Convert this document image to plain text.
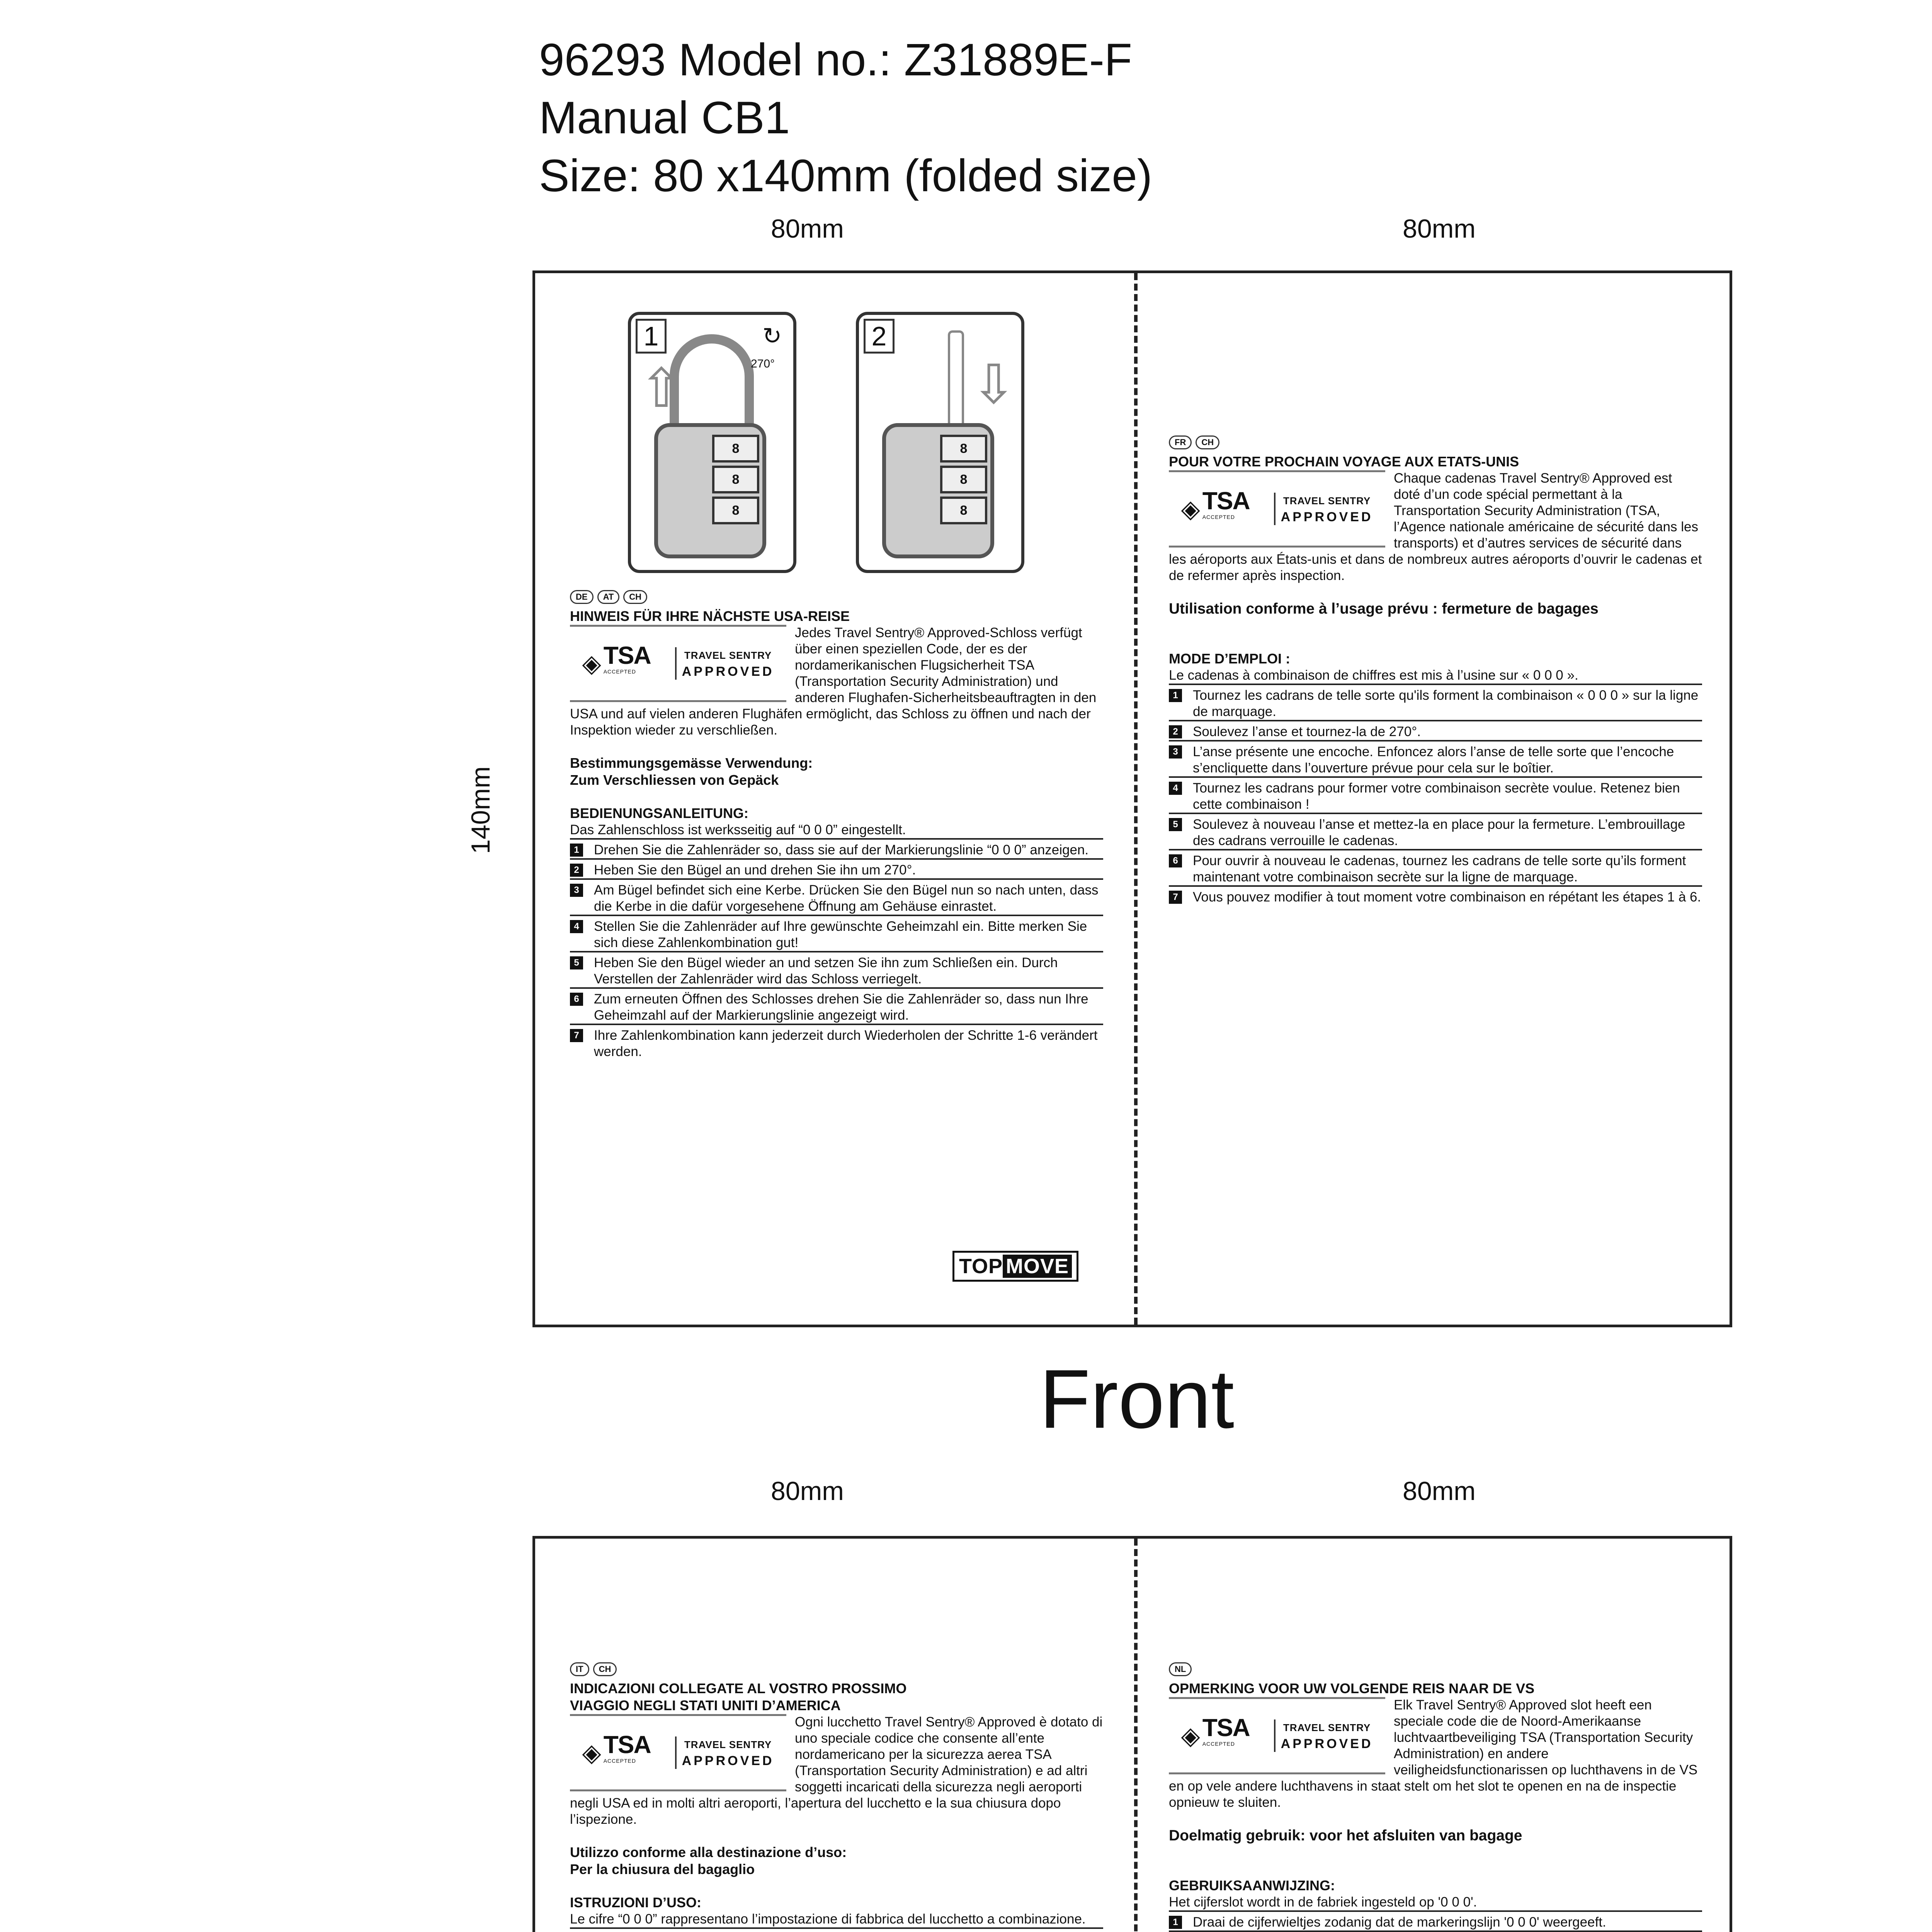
96293 Model no.: Z31889E-F
Manual CB1
Size: 80 x140mm (folded size)
80mm	80mm
140mm
1
⇧
↻
270°
8
8
8
2
⇩
8
8
8
DE	AT	CH

HINWEIS FÜR IHRE NÄCHSTE USA-REISE

◈ TSA
ACCEPTED
TRAVEL SENTRY
APPROVED

Jedes Travel Sentry® Approved-Schloss verfügt über einen speziellen Code, der es der nordamerikanischen Flugsicherheit TSA (Transportation Security Administration) und anderen Flughafen-Sicherheitsbeauftragten in den USA und auf vielen anderen Flughäfen ermöglicht, das Schloss zu öffnen und nach der Inspektion wieder zu verschließen.

Bestimmungsgemässe Verwendung:

Zum Verschliessen von Gepäck

BEDIENUNGSANLEITUNG:

Das Zahlenschloss ist werksseitig auf “0 0 0” eingestellt.

1 Drehen Sie die Zahlenräder so, dass sie auf der Markierungslinie “0 0 0” anzeigen.
2 Heben Sie den Bügel an und drehen Sie ihn um 270°.
3 Am Bügel befindet sich eine Kerbe. Drücken Sie den Bügel nun so nach unten, dass die Kerbe in die dafür vorgesehene Öffnung am Gehäuse einrastet.
4 Stellen Sie die Zahlenräder auf Ihre gewünschte Geheimzahl ein. Bitte merken Sie sich diese Zahlenkombination gut!
5 Heben Sie den Bügel wieder an und setzen Sie ihn zum Schließen ein. Durch Verstellen der Zahlenräder wird das Schloss verriegelt.
6 Zum erneuten Öffnen des Schlosses drehen Sie die Zahlenräder so, dass nun Ihre Geheimzahl auf der Markierungslinie angezeigt wird.
7 Ihre Zahlenkombination kann jederzeit durch Wiederholen der Schritte 1-6 verändert werden.
TOP MOVE
FR	CH

POUR VOTRE PROCHAIN VOYAGE AUX ETATS-UNIS

◈ TSA
ACCEPTED
TRAVEL SENTRY
APPROVED

Chaque cadenas Travel Sentry® Approved est doté d’un code spécial permettant à la Transportation Security Administration (TSA, l’Agence nationale américaine de sécurité dans les transports) et d’autres services de sécurité dans les aéroports aux États-unis et dans de nombreux autres aéroports d’ouvrir le cadenas et de refermer après inspection.

Utilisation conforme à l’usage prévu : fermeture de bagages

MODE D’EMPLOI :

Le cadenas à combinaison de chiffres est mis à l’usine sur « 0 0 0 ».

1 Tournez les cadrans de telle sorte qu'ils forment la combinaison « 0 0 0 » sur la ligne de marquage.
2 Soulevez l’anse et tournez-la de 270°.
3 L’anse présente une encoche. Enfoncez alors l’anse de telle sorte que l’encoche s’encliquette dans l’ouverture prévue pour cela sur le boîtier.
4 Tournez les cadrans pour former votre combinaison secrète voulue. Retenez bien cette combinaison !
5 Soulevez à nouveau l’anse et mettez-la en place pour la fermeture. L’embrouillage des cadrans verrouille le cadenas.
6 Pour ouvrir à nouveau le cadenas, tournez les cadrans de telle sorte qu’ils forment maintenant votre combinaison secrète sur la ligne de marquage.
7 Vous pouvez modifier à tout moment votre combinaison en répétant les étapes 1 à 6.
Front
80mm	80mm
IT	CH

INDICAZIONI COLLEGATE AL VOSTRO PROSSIMO

VIAGGIO NEGLI STATI UNITI D’AMERICA

◈ TSA
ACCEPTED
TRAVEL SENTRY
APPROVED

Ogni lucchetto Travel Sentry® Approved è dotato di uno speciale codice che consente all’ente nordamericano per la sicurezza aerea TSA (Transportation Security Administration) e ad altri soggetti incaricati della sicurezza negli aeroporti negli USA ed in molti altri aeroporti, l’apertura del lucchetto e la sua chiusura dopo l’ispezione.

Utilizzo conforme alla destinazione d’uso:

Per la chiusura del bagaglio

ISTRUZIONI D’USO:

Le cifre “0 0 0” rappresentano l’impostazione di fabbrica del lucchetto a combinazione.

NL

OPMERKING VOOR UW VOLGENDE REIS NAAR DE VS

◈ TSA
ACCEPTED
TRAVEL SENTRY
APPROVED

Elk Travel Sentry® Approved slot heeft een speciale code die de Noord-Amerikaanse luchtvaartbeveiliging TSA (Transportation Security Administration) en andere veiligheidsfunctionarissen op luchthavens in de VS en op vele andere luchthavens in staat stelt om het slot te openen en na de inspectie opnieuw te sluiten.

Doelmatig gebruik: voor het afsluiten van bagage

GEBRUIKSAANWIJZING:

Het cijferslot wordt in de fabriek ingesteld op '0 0 0'.

1 Draai de cijferwieltjes zodanig dat de markeringslijn '0 0 0' weergeeft.
